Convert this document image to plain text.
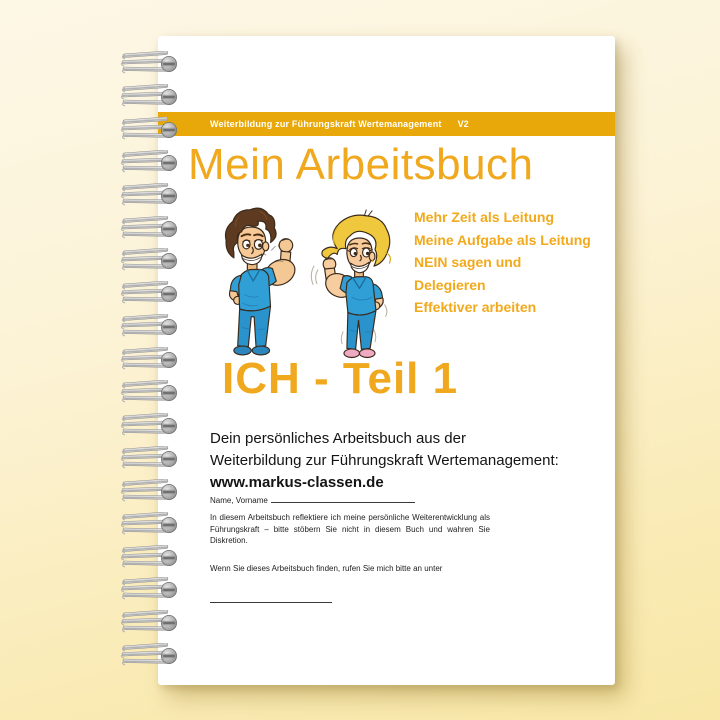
Weiterbildung zur Führungskraft Wertemanagement V2
Mein Arbeitsbuch
Mehr Zeit als Leitung
Meine Aufgabe als Leitung
NEIN sagen und
Delegieren
Effektiver arbeiten
ICH - Teil 1
Dein persönliches Arbeitsbuch aus der
Weiterbildung zur Führungskraft Wertemanagement:
www.markus-classen.de
Name, Vorname

In diesem Arbeitsbuch reflektiere ich meine persönliche Weiterentwicklung als Führungskraft – bitte stöbern Sie nicht in diesem Buch und wahren Sie Diskretion.

Wenn Sie dieses Arbeitsbuch finden, rufen Sie mich bitte an unter
